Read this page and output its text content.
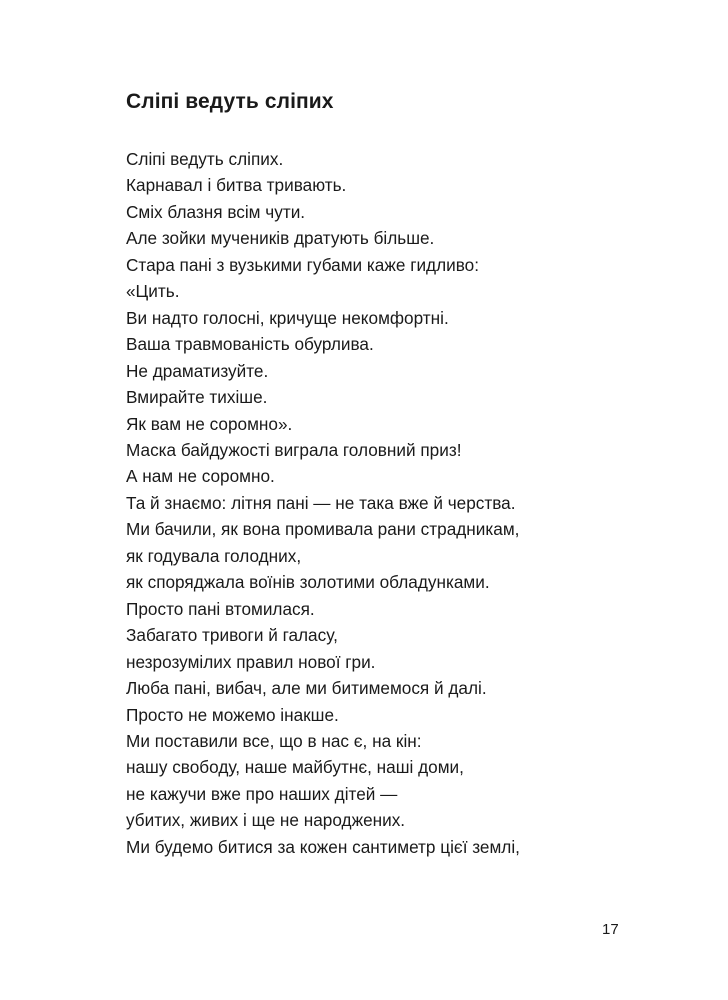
Сліпі ведуть сліпих
Сліпі ведуть сліпих.
Карнавал і битва тривають.
Сміх блазня всім чути.
Але зойки мучеників дратують більше.
Стара пані з вузькими губами каже гидливо:
«Цить.
Ви надто голосні, кричуще некомфортні.
Ваша травмованість обурлива.
Не драматизуйте.
Вмирайте тихіше.
Як вам не соромно».
Маска байдужості виграла головний приз!
А нам не соромно.
Та й знаємо: літня пані — не така вже й черства.
Ми бачили, як вона промивала рани страдникам,
як годувала голодних,
як споряджала воїнів золотими обладунками.
Просто пані втомилася.
Забагато тривоги й галасу,
незрозумілих правил нової гри.
Люба пані, вибач, але ми битимемося й далі.
Просто не можемо інакше.
Ми поставили все, що в нас є, на кін:
нашу свободу, наше майбутнє, наші доми,
не кажучи вже про наших дітей —
убитих, живих і ще не народжених.
Ми будемо битися за кожен сантиметр цієї землі,
17
